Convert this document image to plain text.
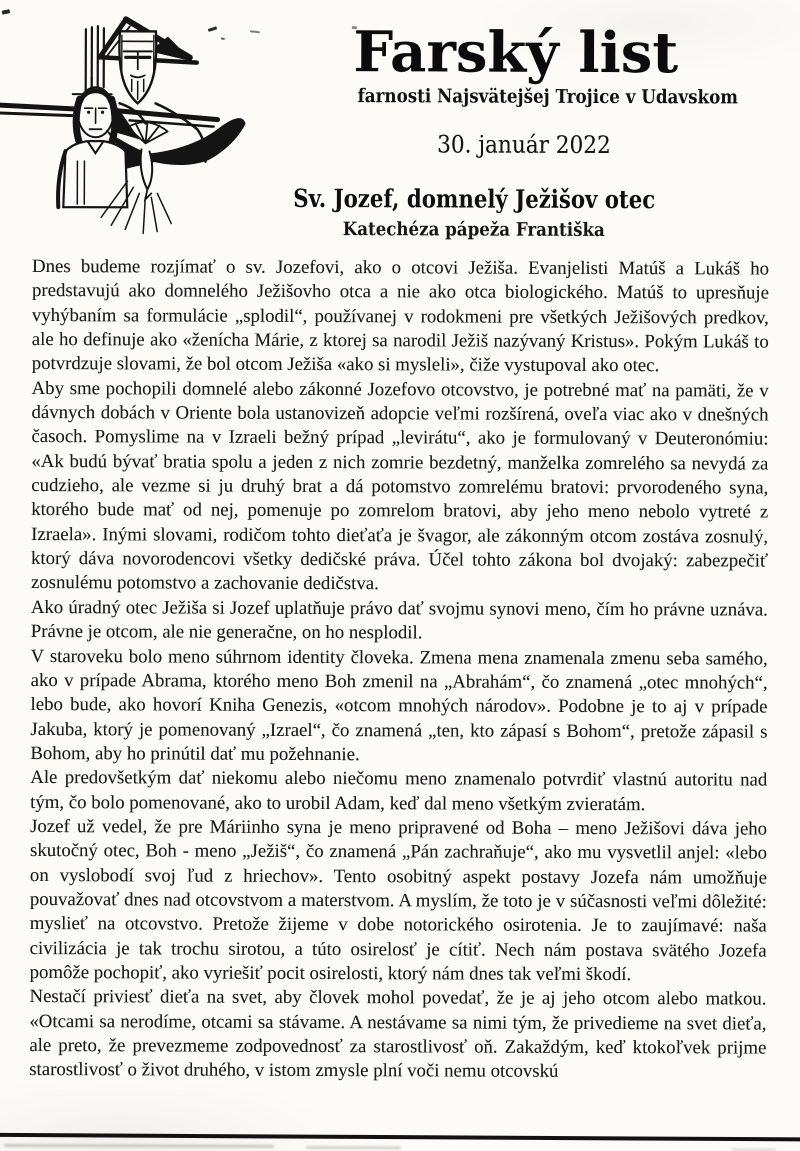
Farský list
farnosti Najsvätejšej Trojice v Udavskom
30. január 2022
Sv. Jozef, domnelý Ježišov otec
Katechéza pápeža Františka

Dnes budeme rozjímať o sv. Jozefovi, ako o otcovi Ježiša. Evanjelisti Matúš a Lukáš ho predstavujú ako domnelého Ježišovho otca a nie ako otca biologického. Matúš to upresňuje vyhýbaním sa formulácie „splodil“, používanej v rodokmeni pre všetkých Ježišových predkov, ale ho definuje ako «ženícha Márie, z ktorej sa narodil Ježiš nazývaný Kristus». Pokým Lukáš to potvrdzuje slovami, že bol otcom Ježiša «ako si mysleli», čiže vystupoval ako otec.

Aby sme pochopili domnelé alebo zákonné Jozefovo otcovstvo, je potrebné mať na pamäti, že v dávnych dobách v Oriente bola ustanovizeň adopcie veľmi rozšírená, oveľa viac ako v dnešných časoch. Pomyslime na v Izraeli bežný prípad „levirátu“, ako je formulovaný v Deuteronómiu: «Ak budú bývať bratia spolu a jeden z nich zomrie bezdetný, manželka zomrelého sa nevydá za cudzieho, ale vezme si ju druhý brat a dá potomstvo zomrelému bratovi: prvorodeného syna, ktorého bude mať od nej, pomenuje po zomrelom bratovi, aby jeho meno nebolo vytreté z Izraela». Inými slovami, rodičom tohto dieťaťa je švagor, ale zákonným otcom zostáva zosnulý, ktorý dáva novorodencovi všetky dedičské práva. Účel tohto zákona bol dvojaký: zabezpečiť zosnulému potomstvo a zachovanie dedičstva.

Ako úradný otec Ježiša si Jozef uplatňuje právo dať svojmu synovi meno, čím ho právne uznáva. Právne je otcom, ale nie generačne, on ho nesplodil.

V staroveku bolo meno súhrnom identity človeka. Zmena mena znamenala zmenu seba samého, ako v prípade Abrama, ktorého meno Boh zmenil na „Abrahám“, čo znamená „otec mnohých“, lebo bude, ako hovorí Kniha Genezis, «otcom mnohých národov». Podobne je to aj v prípade Jakuba, ktorý je pomenovaný „Izrael“, čo znamená „ten, kto zápasí s Bohom“, pretože zápasil s Bohom, aby ho prinútil dať mu požehnanie.

Ale predovšetkým dať niekomu alebo niečomu meno znamenalo potvrdiť vlastnú autoritu nad tým, čo bolo pomenované, ako to urobil Adam, keď dal meno všetkým zvieratám.

Jozef už vedel, že pre Máriinho syna je meno pripravené od Boha – meno Ježišovi dáva jeho skutočný otec, Boh - meno „Ježiš“, čo znamená „Pán zachraňuje“, ako mu vysvetlil anjel: «lebo on vyslobodí svoj ľud z hriechov». Tento osobitný aspekt postavy Jozefa nám umožňuje pouvažovať dnes nad otcovstvom a materstvom. A myslím, že toto je v súčasnosti veľmi dôležité: myslieť na otcovstvo. Pretože žijeme v dobe notorického osirotenia. Je to zaujímavé: naša civilizácia je tak trochu sirotou, a túto osirelosť je cítiť. Nech nám postava svätého Jozefa pomôže pochopiť, ako vyriešiť pocit osirelosti, ktorý nám dnes tak veľmi škodí.

Nestačí priviesť dieťa na svet, aby človek mohol povedať, že je aj jeho otcom alebo matkou. «Otcami sa nerodíme, otcami sa stávame. A nestávame sa nimi tým, že privedieme na svet dieťa, ale preto, že prevezmeme zodpovednosť za starostlivosť oň. Zakaždým, keď ktokoľvek prijme starostlivosť o život druhého, v istom zmysle plní voči nemu otcovskú
